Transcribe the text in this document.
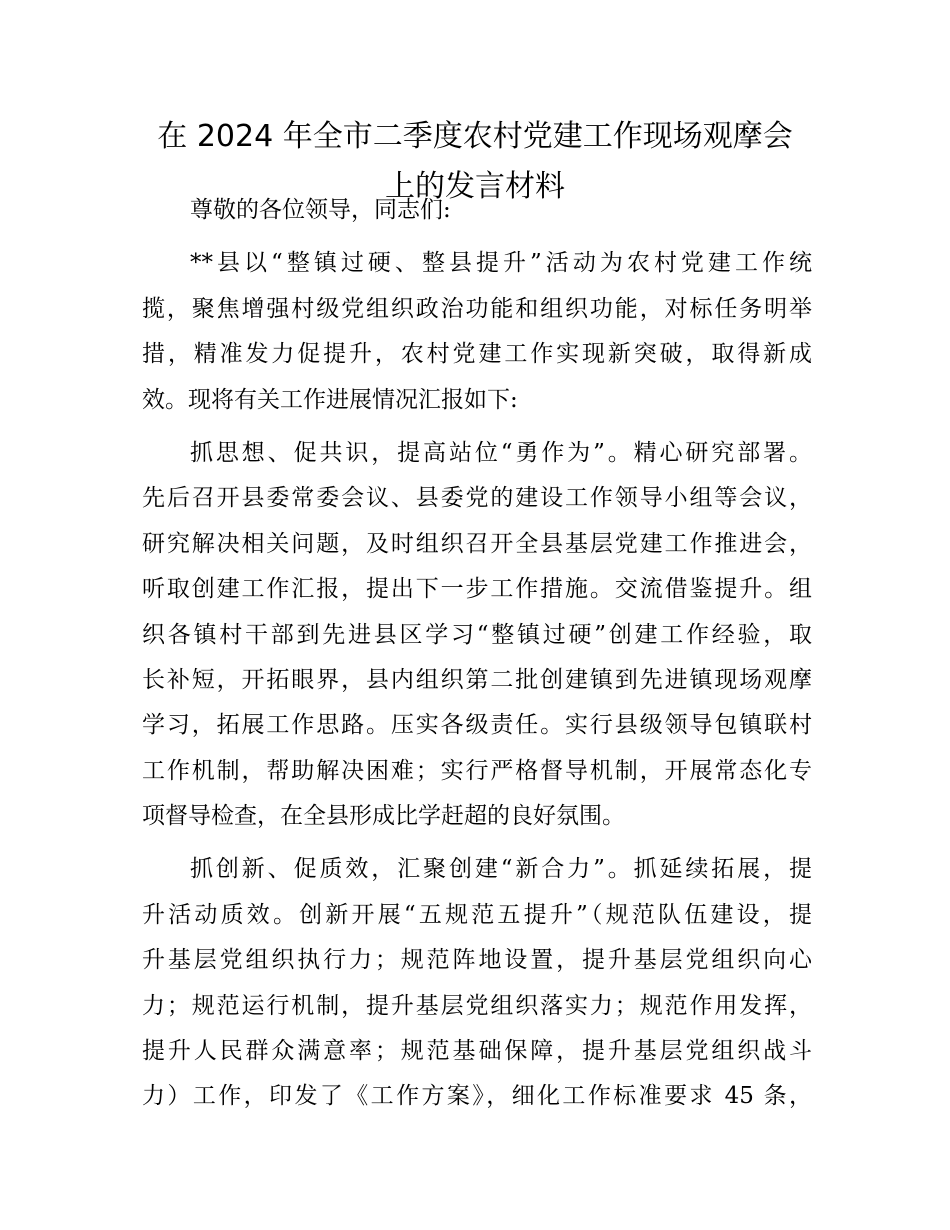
在 2024 年全市二季度农村党建工作现场观摩会
上的发言材料
尊敬的各位领导，同志们:
**县以“整镇过硬、整县提升”活动为农村党建工作统
揽，聚焦增强村级党组织政治功能和组织功能，对标任务明举
措，精准发力促提升，农村党建工作实现新突破，取得新成
效。现将有关工作进展情况汇报如下:
抓思想、促共识，提高站位“勇作为”。精心研究部署。
先后召开县委常委会议、县委党的建设工作领导小组等会议，
研究解决相关问题，及时组织召开全县基层党建工作推进会，
听取创建工作汇报，提出下一步工作措施。交流借鉴提升。组
织各镇村干部到先进县区学习“整镇过硬”创建工作经验，取
长补短，开拓眼界，县内组织第二批创建镇到先进镇现场观摩
学习，拓展工作思路。压实各级责任。实行县级领导包镇联村
工作机制，帮助解决困难；实行严格督导机制，开展常态化专
项督导检查，在全县形成比学赶超的良好氛围。
抓创新、促质效，汇聚创建“新合力”。抓延续拓展，提
升活动质效。创新开展“五规范五提升”（规范队伍建设，提
升基层党组织执行力；规范阵地设置，提升基层党组织向心
力；规范运行机制，提升基层党组织落实力；规范作用发挥，
提升人民群众满意率；规范基础保障，提升基层党组织战斗
力）工作，印发了《工作方案》，细化工作标准要求 45 条，
